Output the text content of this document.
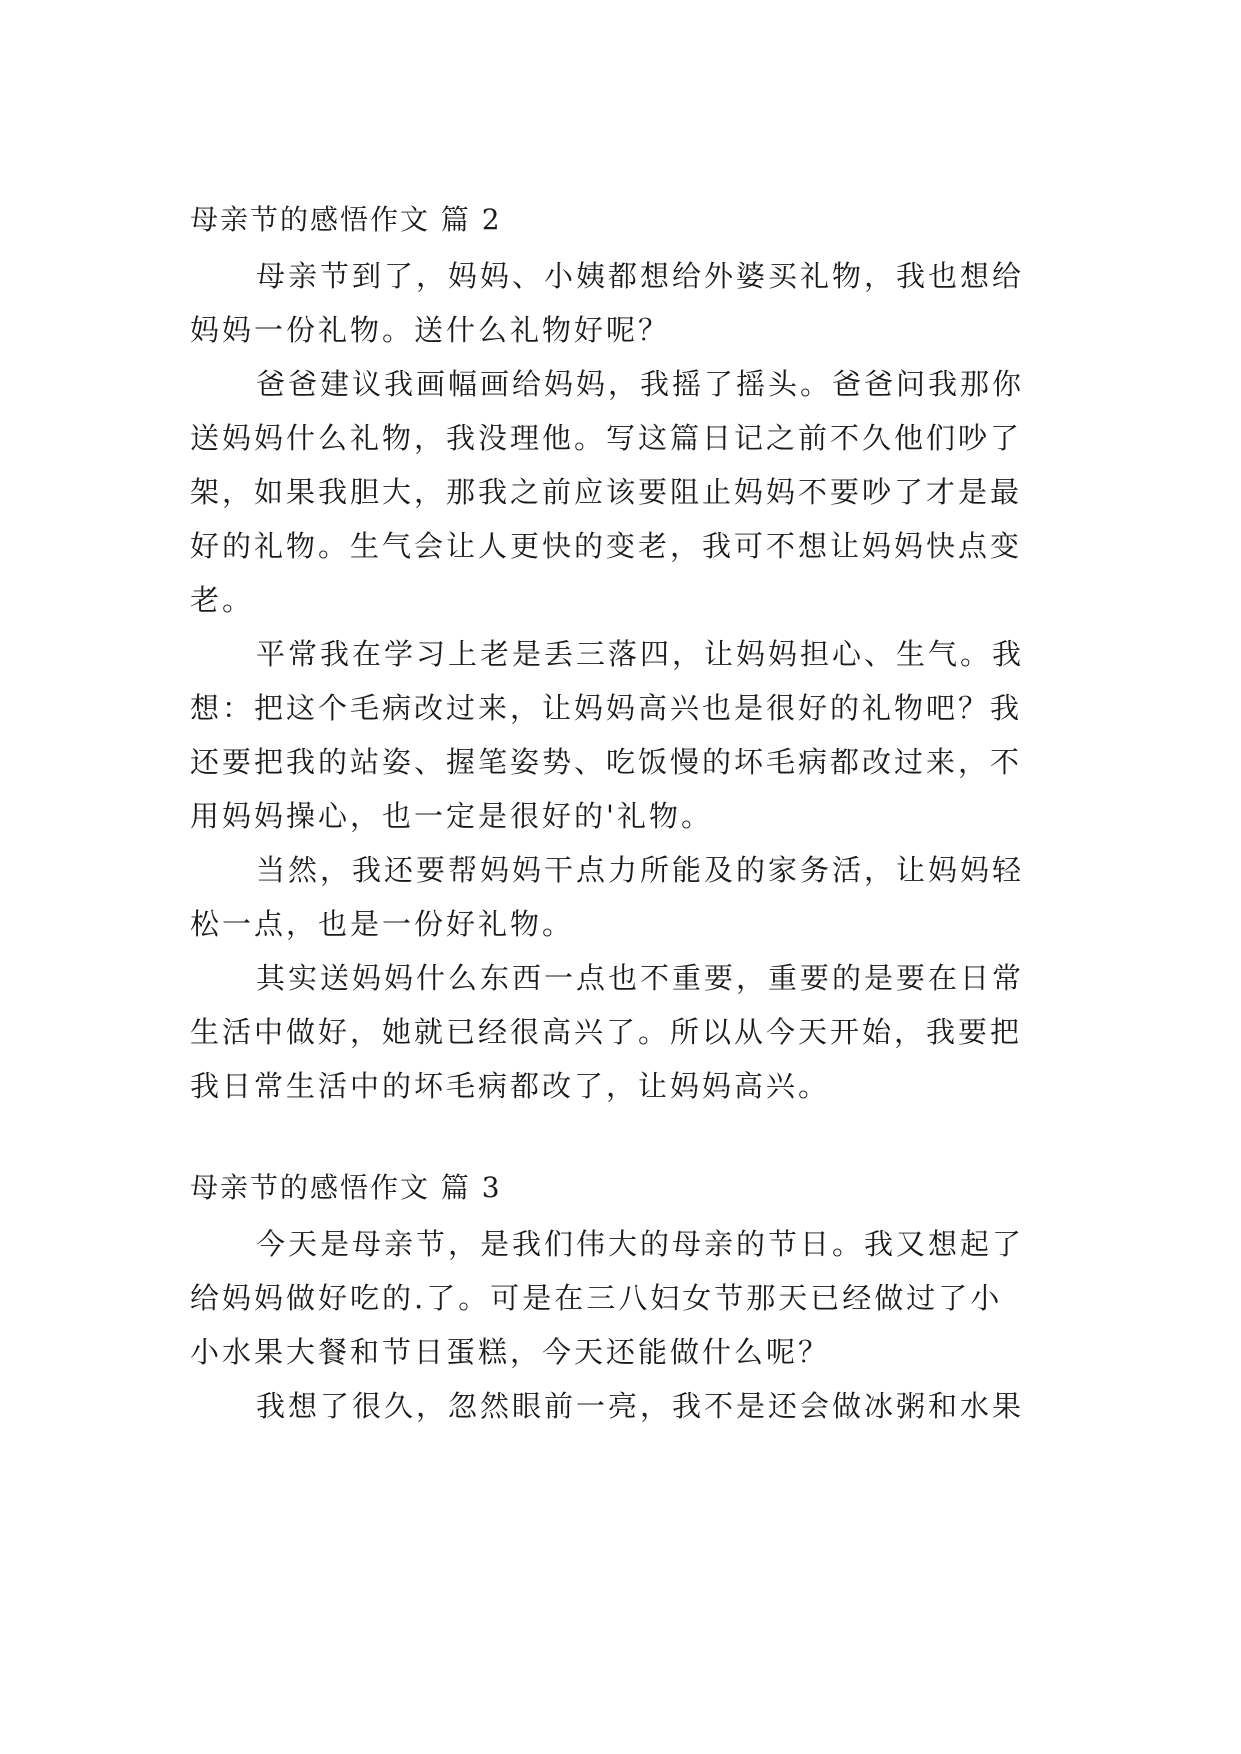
母亲节的感悟作文 篇 2
母亲节到了，妈妈、小姨都想给外婆买礼物，我也想给
妈妈一份礼物。送什么礼物好呢？
爸爸建议我画幅画给妈妈，我摇了摇头。爸爸问我那你
送妈妈什么礼物，我没理他。写这篇日记之前不久他们吵了
架，如果我胆大，那我之前应该要阻止妈妈不要吵了才是最
好的礼物。生气会让人更快的变老，我可不想让妈妈快点变
老。
平常我在学习上老是丢三落四，让妈妈担心、生气。我
想：把这个毛病改过来，让妈妈高兴也是很好的礼物吧？我
还要把我的站姿、握笔姿势、吃饭慢的坏毛病都改过来，不
用妈妈操心，也一定是很好的'礼物。
当然，我还要帮妈妈干点力所能及的家务活，让妈妈轻
松一点，也是一份好礼物。
其实送妈妈什么东西一点也不重要，重要的是要在日常
生活中做好，她就已经很高兴了。所以从今天开始，我要把
我日常生活中的坏毛病都改了，让妈妈高兴。
母亲节的感悟作文 篇 3
今天是母亲节，是我们伟大的母亲的节日。我又想起了
给妈妈做好吃的.了。可是在三八妇女节那天已经做过了小
小水果大餐和节日蛋糕，今天还能做什么呢？
我想了很久，忽然眼前一亮，我不是还会做冰粥和水果
